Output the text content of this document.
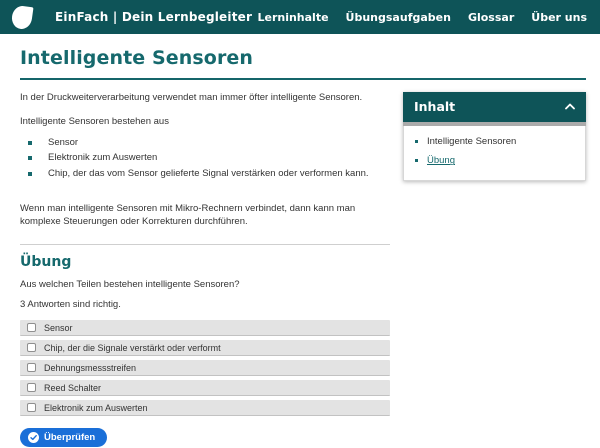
EinFach | Dein Lernbegleiter Lerninhalte Übungsaufgaben Glossar Über uns
Intelligente Sensoren

In der Druckweiterverarbeitung verwendet man immer öfter intelligente Sensoren.

Intelligente Sensoren bestehen aus

Sensor
Elektronik zum Auswerten
Chip, der das vom Sensor gelieferte Signal verstärken oder verformen kann.

Wenn man intelligente Sensoren mit Mikro-Rechnern verbindet, dann kann man komplexe Steuerungen oder Korrekturen durchführen.

Übung

Aus welchen Teilen bestehen intelligente Sensoren?

3 Antworten sind richtig.

Sensor
Chip, der die Signale verstärkt oder verformt
Dehnungsmessstreifen
Reed Schalter
Elektronik zum Auswerten
Überprüfen
Inhalt
Intelligente Sensoren
Übung
